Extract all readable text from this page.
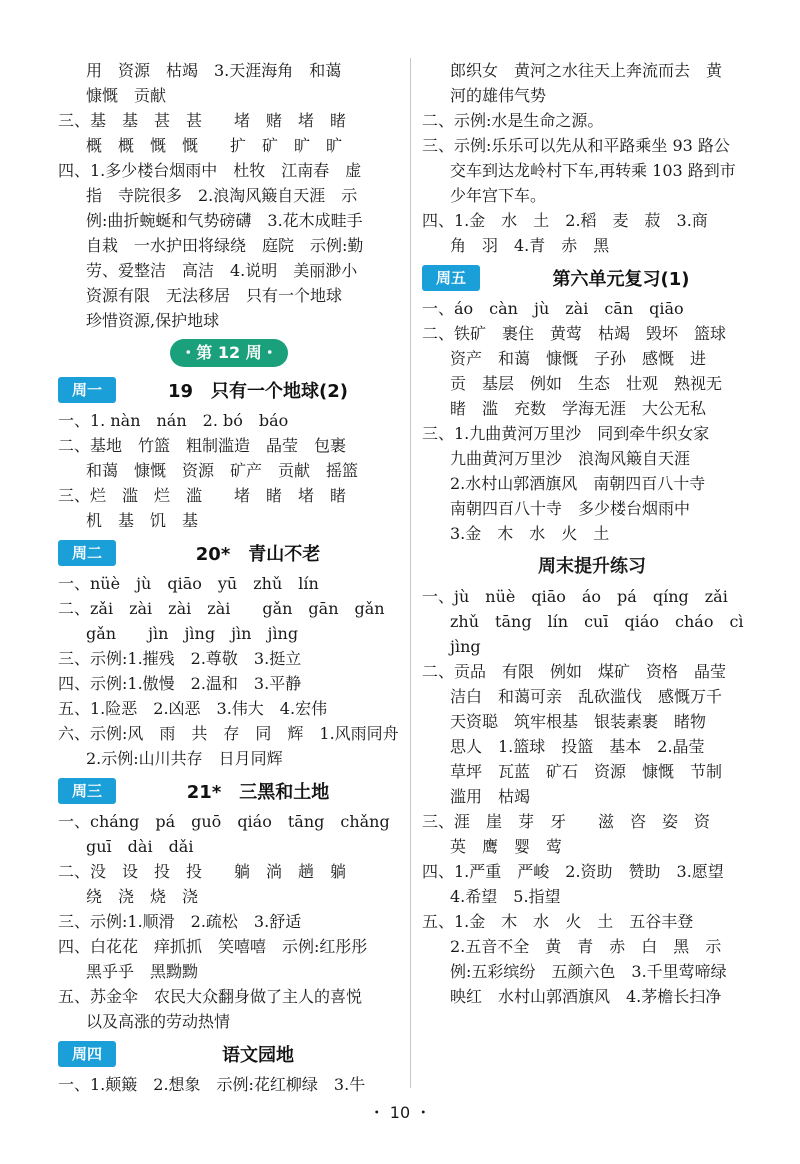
用　资源　枯竭　3.天涯海角　和蔼
慷慨　贡献
三、基　基　甚　甚　　堵　赌　堵　睹
概　概　慨　慨　　扩　矿　旷　旷
四、1.多少楼台烟雨中　杜牧　江南春　虚
指　寺院很多　2.浪淘风簸自天涯　示
例:曲折蜿蜒和气势磅礴　3.花木成畦手
自栽　一水护田将绿绕　庭院　示例:勤
劳、爱整洁　高洁　4.说明　美丽渺小
资源有限　无法移居　只有一个地球
珍惜资源,保护地球
・第 12 周・
周一	19　只有一个地球(2)
一、1. nàn　nán　2. bó　báo
二、基地　竹篮　粗制滥造　晶莹　包裹
和蔼　慷慨　资源　矿产　贡献　摇篮
三、烂　滥　烂　滥　　堵　睹　堵　睹
机　基　饥　基
周二	20*　青山不老
一、nüè　jù　qiāo　yū　zhǔ　lín
二、zǎi　zài　zài　zài　　gǎn　gān　gǎn
gǎn　　jìn　jìng　jìn　jìng
三、示例:1.摧残　2.尊敬　3.挺立
四、示例:1.傲慢　2.温和　3.平静
五、1.险恶　2.凶恶　3.伟大　4.宏伟
六、示例:风　雨　共　存　同　辉　1.风雨同舟
2.示例:山川共存　日月同辉
周三	21*　三黑和土地
一、cháng　pá　guō　qiáo　tāng　chǎng
guī　dài　dǎi
二、没　设　投　投　　躺　淌　趟　躺
绕　浇　烧　浇
三、示例:1.顺滑　2.疏松　3.舒适
四、白花花　痒抓抓　笑嘻嘻　示例:红彤彤
黑乎乎　黑黝黝
五、苏金伞　农民大众翻身做了主人的喜悦
以及高涨的劳动热情
周四	语文园地
一、1.颠簸　2.想象　示例:花红柳绿　3.牛
郎织女　黄河之水往天上奔流而去　黄
河的雄伟气势
二、示例:水是生命之源。
三、示例:乐乐可以先从和平路乘坐 93 路公
交车到达龙岭村下车,再转乘 103 路到市
少年宫下车。
四、1.金　水　土　2.稻　麦　菽　3.商
角　羽　4.青　赤　黑
周五	第六单元复习(1)
一、áo　càn　jù　zài　cān　qiāo
二、铁矿　裹住　黄莺　枯竭　毁坏　篮球
资产　和蔼　慷慨　子孙　感慨　进
贡　基层　例如　生态　壮观　熟视无
睹　滥　充数　学海无涯　大公无私
三、1.九曲黄河万里沙　同到牵牛织女家
九曲黄河万里沙　浪淘风簸自天涯
2.水村山郭酒旗风　南朝四百八十寺
南朝四百八十寺　多少楼台烟雨中
3.金　木　水　火　土
周末提升练习
一、jù　nüè　qiāo　áo　pá　qíng　zǎi
zhǔ　tāng　lín　cuī　qiáo　cháo　cì
jìng
二、贡品　有限　例如　煤矿　资格　晶莹
洁白　和蔼可亲　乱砍滥伐　感慨万千
天资聪　筑牢根基　银装素裹　睹物
思人　1.篮球　投篮　基本　2.晶莹
草坪　瓦蓝　矿石　资源　慷慨　节制
滥用　枯竭
三、涯　崖　芽　牙　　滋　咨　姿　资
英　鹰　婴　莺
四、1.严重　严峻　2.资助　赞助　3.愿望
4.希望　5.指望
五、1.金　木　水　火　土　五谷丰登
2.五音不全　黄　青　赤　白　黑　示
例:五彩缤纷　五颜六色　3.千里莺啼绿
映红　水村山郭酒旗风　4.茅檐长扫净
・ 10 ・
